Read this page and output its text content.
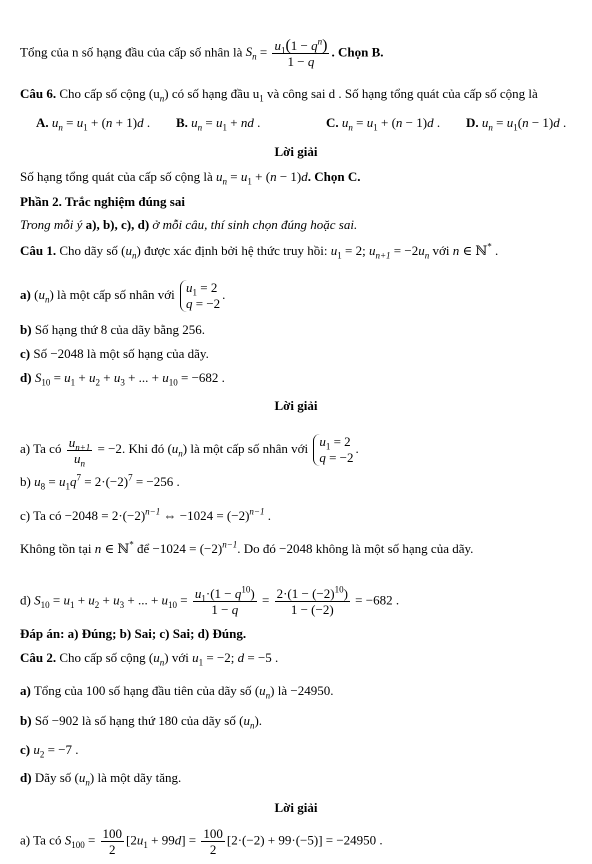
Tổng của n số hạng đầu của cấp số nhân là $S_n = \frac{u_1(1 - q^n)}{1 - q}$ . Chọn B.
Câu 6. Cho cấp số cộng $(u_n)$ có số hạng đầu $u_1$ và công sai d . Số hạng tổng quát của cấp số cộng là
A. $u_n = u_1 + (n + 1)d$ . B. $u_n = u_1$ + nd .	C. $u_n = u_1 + (n - 1)d$ . D. $u_n = u_1(n - 1)d$ .
Lời giải
Số hạng tổng quát của cấp số cộng là $u_n = u_1 + (n - 1)d$. Chọn C.
Phần 2. Trắc nghiệm đúng sai
Trong mỗi ý a), b), c), d) ở mỗi câu, thí sinh chọn đúng hoặc sai.
Câu 1. Cho dãy số $(u_n)$ được xác định bởi hệ thức truy hồi: $u_1 = 2$; $u_{n+1} = -2u_n$ với n ∈ ℕ* .
a) $(u_n)$ là một cấp số nhân với $u_1 = 2$
q = −2.
b) Số hạng thứ 8 của dãy bằng 256.
c) Số −2048 là một số hạng của dãy.
d) $S_{10} = u_1 + u_2 + u_3$ + ... + $u_{10} = -682$ .
Lời giải
a) Ta có $\frac{u_{n+1}}{u_n} = -2$. Khi đó $(u_n)$ là một cấp số nhân với $u_1 = 2$
q = −2.
b) $u_8 = u_1q^7 = 2\cdot(-2)^7 = -256$ .
c) Ta có $-2048 = 2\cdot(-2)^{n-1}$ ⇔ $-1024 = (-2)^{n-1}$ .
Không tồn tại n ∈ ℕ* để $-1024 = (-2)^{n-1}$. Do đó −2048 không là một số hạng của dãy.
d) $S_{10} = u_1 + u_2 + u_3$ + ... + $u_{10} = \frac{u_1\cdot(1 - q^{10})}{1 - q} = \frac{2\cdot(1 - (-2)^{10})}{1 - (-2)} = -682$ .
Đáp án: a) Đúng; b) Sai; c) Sai; d) Đúng.
Câu 2. Cho cấp số cộng $(u_n)$ với $u_1 = -2$; d = −5 .
a) Tổng của 100 số hạng đầu tiên của dãy số $(u_n)$ là −24950.
b) Số −902 là số hạng thứ 180 của dãy số $(u_n)$.
c) $u_2 = -7$ .
d) Dãy số $(u_n)$ là một dãy tăng.
Lời giải
a) Ta có $S_{100} = \frac{100}{2} [2u_1 + 99d] = \frac{100}{2} [2\cdot(-2) + 99\cdot(-5)] = -24950$ .
